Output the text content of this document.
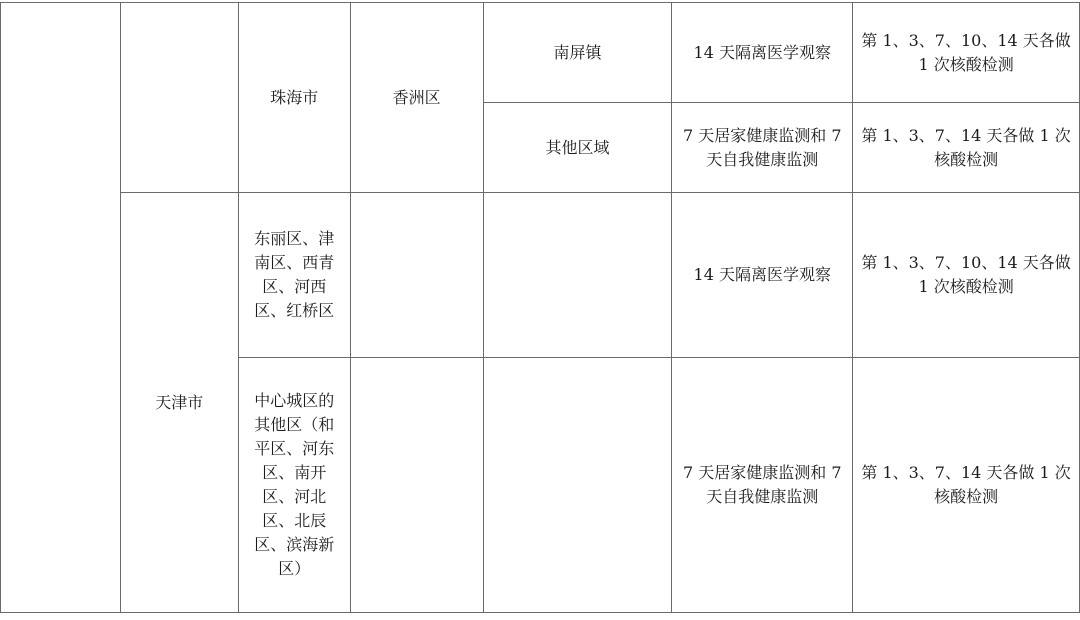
		珠海市	香洲区	南屏镇	14 天隔离医学观察	第 1、3、7、10、14 天各做 1 次核酸检测
				其他区域	7 天居家健康监测和 7 天自我健康监测	第 1、3、7、14 天各做 1 次核酸检测
	天津市	东丽区、津南区、西青区、河西区、红桥区			14 天隔离医学观察	第 1、3、7、10、14 天各做 1 次核酸检测
		中心城区的其他区（和平区、河东区、南开区、河北区、北辰区、滨海新区）			7 天居家健康监测和 7 天自我健康监测	第 1、3、7、14 天各做 1 次核酸检测
